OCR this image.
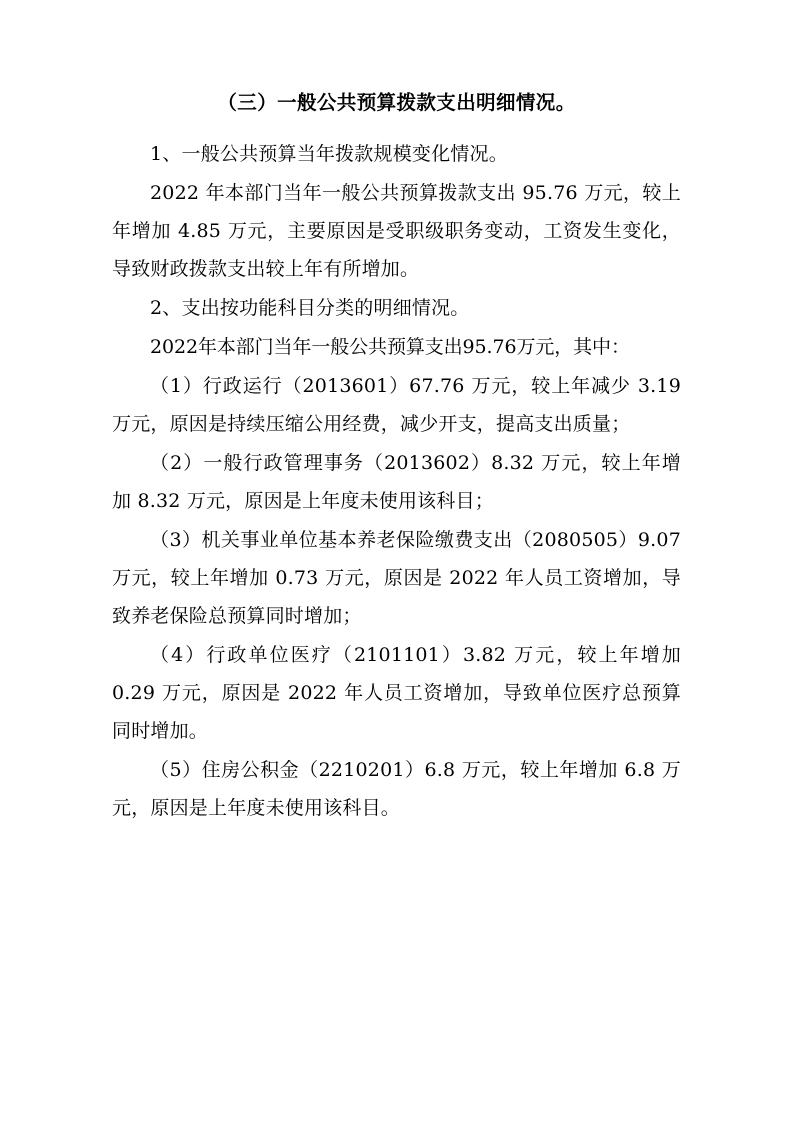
（三）一般公共预算拨款支出明细情况。

1、一般公共预算当年拨款规模变化情况。

2022 年本部门当年一般公共预算拨款支出 95.76 万元，较上年增加 4.85 万元，主要原因是受职级职务变动，工资发生变化，导致财政拨款支出较上年有所增加。

2、支出按功能科目分类的明细情况。

2022年本部门当年一般公共预算支出95.76万元，其中：

（1）行政运行（2013601）67.76 万元，较上年减少 3.19 万元，原因是持续压缩公用经费，减少开支，提高支出质量；

（2）一般行政管理事务（2013602）8.32 万元，较上年增加 8.32 万元，原因是上年度未使用该科目；

（3）机关事业单位基本养老保险缴费支出（2080505）9.07 万元，较上年增加 0.73 万元，原因是 2022 年人员工资增加，导致养老保险总预算同时增加；

（4）行政单位医疗（2101101）3.82 万元，较上年增加 0.29 万元，原因是 2022 年人员工资增加，导致单位医疗总预算同时增加。

（5）住房公积金（2210201）6.8 万元，较上年增加 6.8 万元，原因是上年度未使用该科目。
